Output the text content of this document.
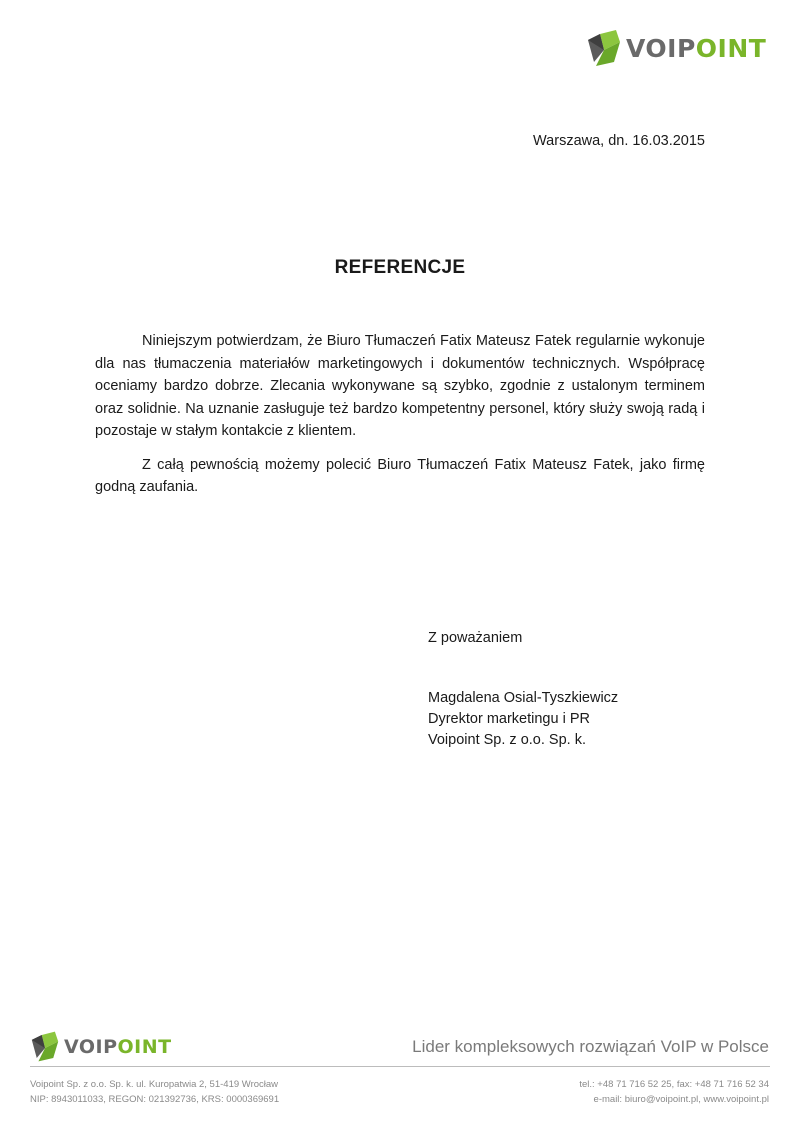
VOIPOINT
Warszawa, dn. 16.03.2015
REFERENCJE

Niniejszym potwierdzam, że Biuro Tłumaczeń Fatix Mateusz Fatek regularnie wykonuje dla nas tłumaczenia materiałów marketingowych i dokumentów technicznych. Współpracę oceniamy bardzo dobrze. Zlecania wykonywane są szybko, zgodnie z ustalonym terminem oraz solidnie. Na uznanie zasługuje też bardzo kompetentny personel, który służy swoją radą i pozostaje w stałym kontakcie z klientem.

Z całą pewnością możemy polecić Biuro Tłumaczeń Fatix Mateusz Fatek, jako firmę godną zaufania.

Z poważaniem
Magdalena Osial-Tyszkiewicz
Dyrektor marketingu i PR
Voipoint Sp. z o.o. Sp. k.
VOIPOINT	Lider kompleksowych rozwiązań VoIP w Polsce
Voipoint Sp. z o.o. Sp. k. ul. Kuropatwia 2, 51-419 Wrocław
NIP: 8943011033, REGON: 021392736, KRS: 0000369691
tel.: +48 71 716 52 25, fax: +48 71 716 52 34
e-mail: biuro@voipoint.pl, www.voipoint.pl
